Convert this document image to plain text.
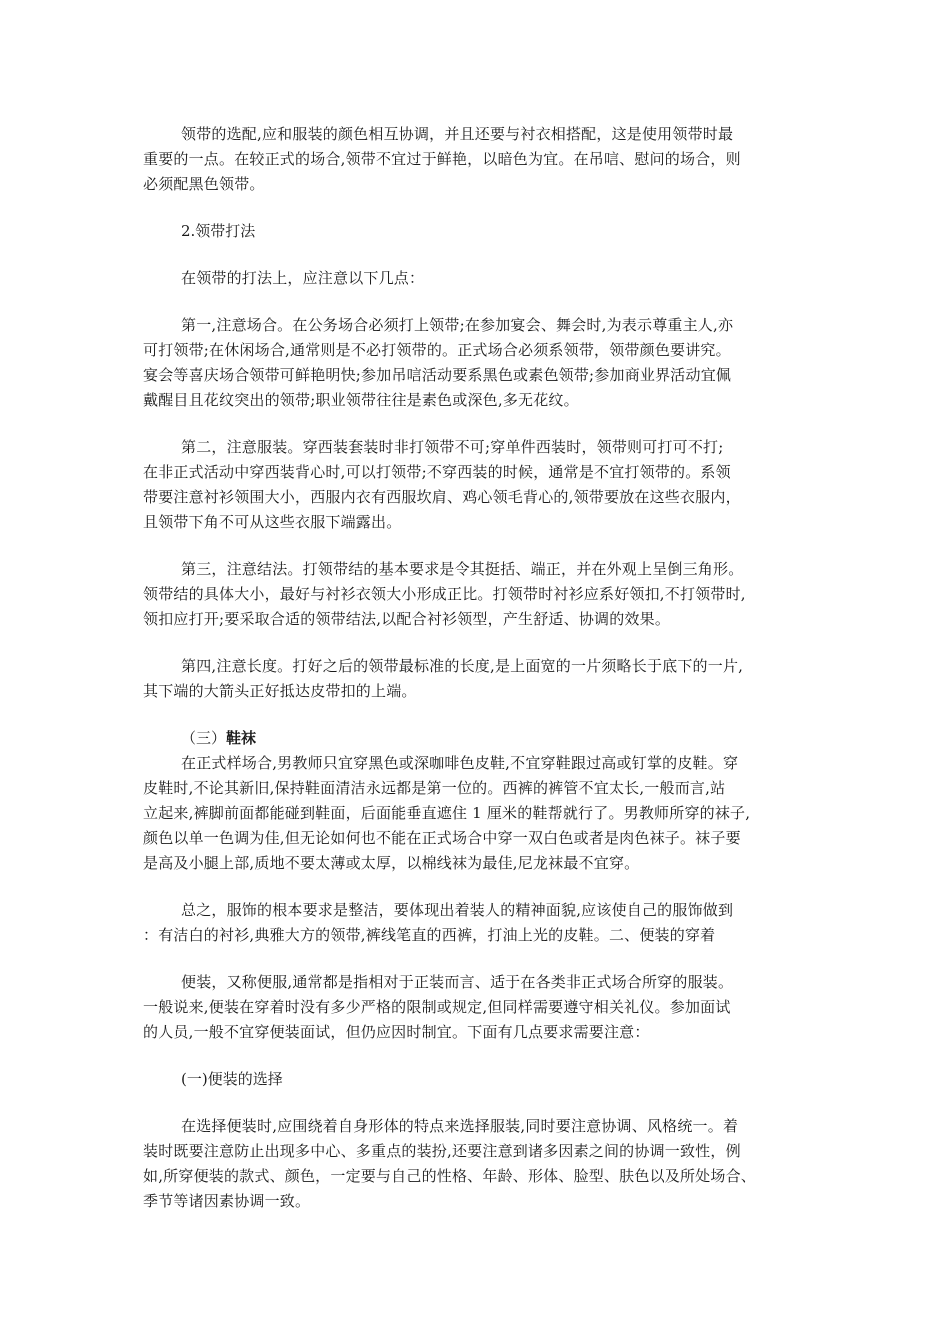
领带的选配,应和服装的颜色相互协调，并且还要与衬衣相搭配，这是使用领带时最
重要的一点。在较正式的场合,领带不宜过于鲜艳，以暗色为宜。在吊唁、慰问的场合，则
必须配黑色领带。
2.领带打法
在领带的打法上，应注意以下几点：
第一,注意场合。在公务场合必须打上领带;在参加宴会、舞会时,为表示尊重主人,亦
可打领带;在休闲场合,通常则是不必打领带的。正式场合必须系领带，领带颜色要讲究。
宴会等喜庆场合领带可鲜艳明快;参加吊唁活动要系黑色或素色领带;参加商业界活动宜佩
戴醒目且花纹突出的领带;职业领带往往是素色或深色,多无花纹。
第二，注意服装。穿西装套装时非打领带不可;穿单件西装时，领带则可打可不打;
在非正式活动中穿西装背心时,可以打领带;不穿西装的时候，通常是不宜打领带的。系领
带要注意衬衫领围大小，西服内衣有西服坎肩、鸡心领毛背心的,领带要放在这些衣服内，
且领带下角不可从这些衣服下端露出。
第三，注意结法。打领带结的基本要求是令其挺括、端正，并在外观上呈倒三角形。
领带结的具体大小，最好与衬衫衣领大小形成正比。打领带时衬衫应系好领扣,不打领带时,
领扣应打开;要采取合适的领带结法,以配合衬衫领型，产生舒适、协调的效果。
第四,注意长度。打好之后的领带最标准的长度,是上面宽的一片须略长于底下的一片,
其下端的大箭头正好抵达皮带扣的上端。
（三）鞋袜
在正式样场合,男教师只宜穿黑色或深咖啡色皮鞋,不宜穿鞋跟过高或钉掌的皮鞋。穿
皮鞋时,不论其新旧,保持鞋面清洁永远都是第一位的。西裤的裤管不宜太长,一般而言,站
立起来,裤脚前面都能碰到鞋面，后面能垂直遮住 1 厘米的鞋帮就行了。男教师所穿的袜子,
颜色以单一色调为佳,但无论如何也不能在正式场合中穿一双白色或者是肉色袜子。袜子要
是高及小腿上部,质地不要太薄或太厚，以棉线袜为最佳,尼龙袜最不宜穿。
总之，服饰的根本要求是整洁，要体现出着装人的精神面貌,应该使自己的服饰做到
：有洁白的衬衫,典雅大方的领带,裤线笔直的西裤，打油上光的皮鞋。二、便装的穿着
便装，又称便服,通常都是指相对于正装而言、适于在各类非正式场合所穿的服装。
一般说来,便装在穿着时没有多少严格的限制或规定,但同样需要遵守相关礼仪。参加面试
的人员,一般不宜穿便装面试，但仍应因时制宜。下面有几点要求需要注意：
(一)便装的选择
在选择便装时,应围绕着自身形体的特点来选择服装,同时要注意协调、风格统一。着
装时既要注意防止出现多中心、多重点的装扮,还要注意到诸多因素之间的协调一致性，例
如,所穿便装的款式、颜色，一定要与自己的性格、年龄、形体、脸型、肤色以及所处场合、
季节等诸因素协调一致。
